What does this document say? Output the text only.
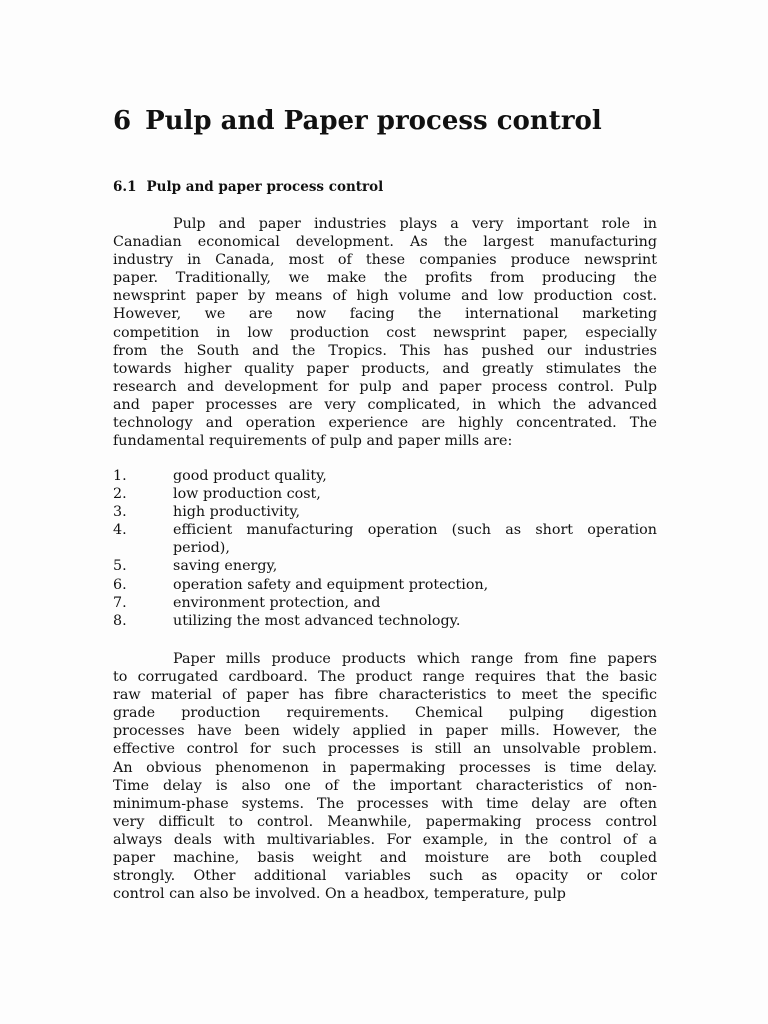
6 Pulp and Paper process control
6.1 Pulp and paper process control
Pulp and paper industries plays a very important role in
Canadian economical development. As the largest manufacturing
industry in Canada, most of these companies produce newsprint
paper. Traditionally, we make the profits from producing the
newsprint paper by means of high volume and low production cost.
However, we are now facing the international marketing
competition in low production cost newsprint paper, especially
from the South and the Tropics. This has pushed our industries
towards higher quality paper products, and greatly stimulates the
research and development for pulp and paper process control. Pulp
and paper processes are very complicated, in which the advanced
technology and operation experience are highly concentrated. The
fundamental requirements of pulp and paper mills are:
1.	good product quality,
2.	low production cost,
3.	high productivity,
4.	efficient manufacturing operation (such as short operation
period),
5.	saving energy,
6.	operation safety and equipment protection,
7.	environment protection, and
8.	utilizing the most advanced technology.
Paper mills produce products which range from fine papers
to corrugated cardboard. The product range requires that the basic
raw material of paper has fibre characteristics to meet the specific
grade production requirements. Chemical pulping digestion
processes have been widely applied in paper mills. However, the
effective control for such processes is still an unsolvable problem.
An obvious phenomenon in papermaking processes is time delay.
Time delay is also one of the important characteristics of non-
minimum-phase systems. The processes with time delay are often
very difficult to control. Meanwhile, papermaking process control
always deals with multivariables. For example, in the control of a
paper machine, basis weight and moisture are both coupled
strongly. Other additional variables such as opacity or color
control can also be involved. On a headbox, temperature, pulp
